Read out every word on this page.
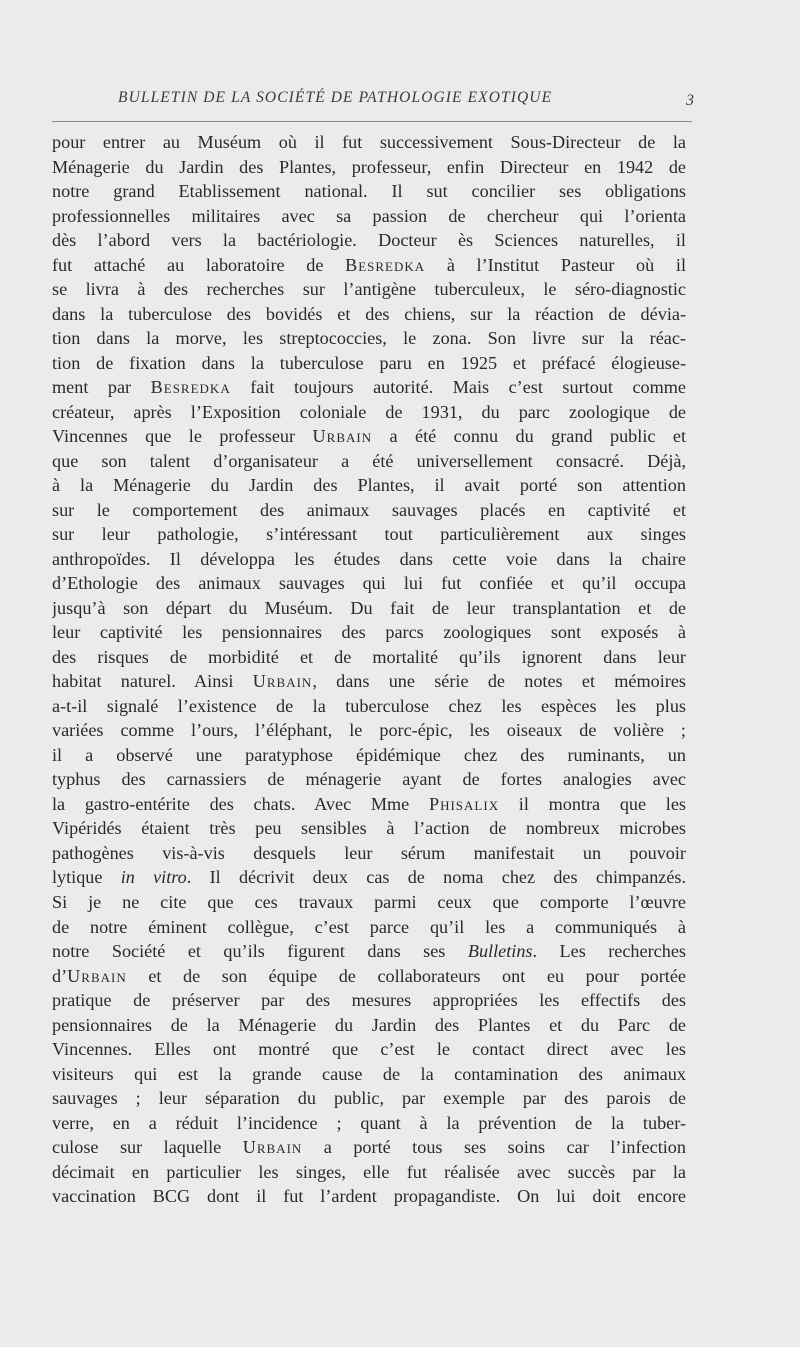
BULLETIN DE LA SOCIÉTÉ DE PATHOLOGIE EXOTIQUE	3
pour entrer au Muséum où il fut successivement Sous-Directeur de la
Ménagerie du Jardin des Plantes, professeur, enfin Directeur en 1942 de
notre grand Etablissement national. Il sut concilier ses obligations
professionnelles militaires avec sa passion de chercheur qui l’orienta
dès l’abord vers la bactériologie. Docteur ès Sciences naturelles, il
fut attaché au laboratoire de Besredka à l’Institut Pasteur où il
se livra à des recherches sur l’antigène tuberculeux, le séro-diagnostic
dans la tuberculose des bovidés et des chiens, sur la réaction de dévia-
tion dans la morve, les streptococcies, le zona. Son livre sur la réac-
tion de fixation dans la tuberculose paru en 1925 et préfacé élogieuse-
ment par Besredka fait toujours autorité. Mais c’est surtout comme
créateur, après l’Exposition coloniale de 1931, du parc zoologique de
Vincennes que le professeur Urbain a été connu du grand public et
que son talent d’organisateur a été universellement consacré. Déjà,
à la Ménagerie du Jardin des Plantes, il avait porté son attention
sur le comportement des animaux sauvages placés en captivité et
sur leur pathologie, s’intéressant tout particulièrement aux singes
anthropoïdes. Il développa les études dans cette voie dans la chaire
d’Ethologie des animaux sauvages qui lui fut confiée et qu’il occupa
jusqu’à son départ du Muséum. Du fait de leur transplantation et de
leur captivité les pensionnaires des parcs zoologiques sont exposés à
des risques de morbidité et de mortalité qu’ils ignorent dans leur
habitat naturel. Ainsi Urbain, dans une série de notes et mémoires
a-t-il signalé l’existence de la tuberculose chez les espèces les plus
variées comme l’ours, l’éléphant, le porc-épic, les oiseaux de volière ;
il a observé une paratyphose épidémique chez des ruminants, un
typhus des carnassiers de ménagerie ayant de fortes analogies avec
la gastro-entérite des chats. Avec Mme Phisalix il montra que les
Vipéridés étaient très peu sensibles à l’action de nombreux microbes
pathogènes vis-à-vis desquels leur sérum manifestait un pouvoir
lytique in vitro. Il décrivit deux cas de noma chez des chimpanzés.
Si je ne cite que ces travaux parmi ceux que comporte l’œuvre
de notre éminent collègue, c’est parce qu’il les a communiqués à
notre Société et qu’ils figurent dans ses Bulletins. Les recherches
d’Urbain et de son équipe de collaborateurs ont eu pour portée
pratique de préserver par des mesures appropriées les effectifs des
pensionnaires de la Ménagerie du Jardin des Plantes et du Parc de
Vincennes. Elles ont montré que c’est le contact direct avec les
visiteurs qui est la grande cause de la contamination des animaux
sauvages ; leur séparation du public, par exemple par des parois de
verre, en a réduit l’incidence ; quant à la prévention de la tuber-
culose sur laquelle Urbain a porté tous ses soins car l’infection
décimait en particulier les singes, elle fut réalisée avec succès par la
vaccination BCG dont il fut l’ardent propagandiste. On lui doit encore
